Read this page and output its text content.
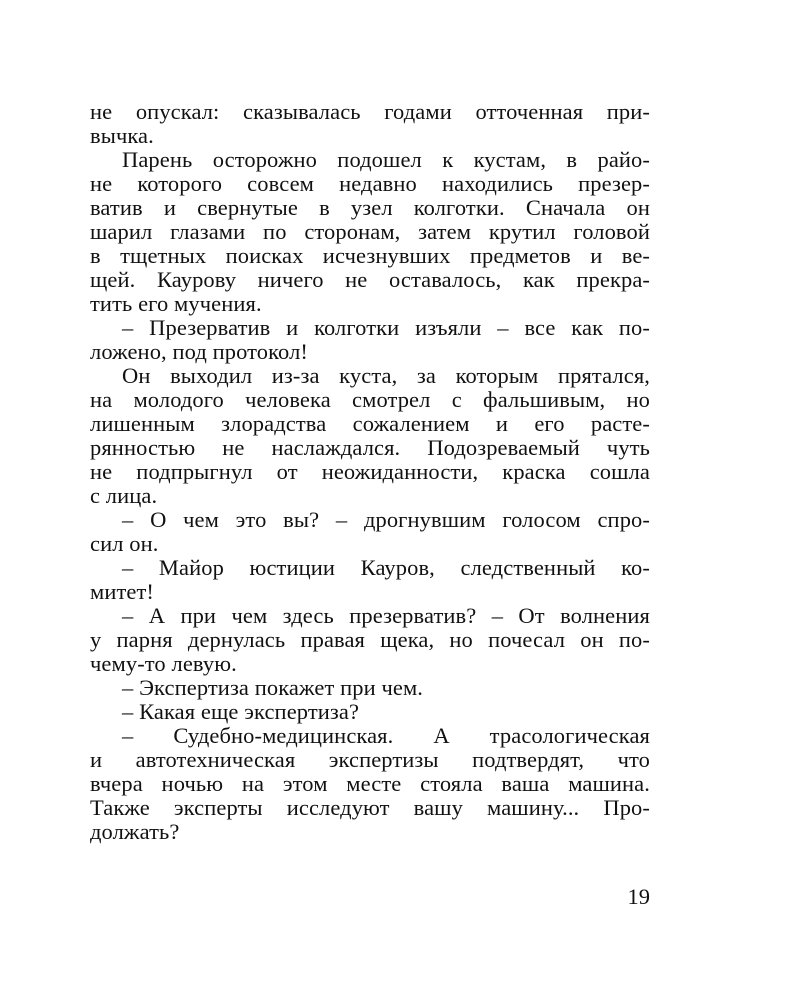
не опускал: сказывалась годами отточенная при-
вычка.
Парень осторожно подошел к кустам, в райо-
не которого совсем недавно находились презер-
ватив и свернутые в узел колготки. Сначала он
шарил глазами по сторонам, затем крутил головой
в тщетных поисках исчезнувших предметов и ве-
щей. Каурову ничего не оставалось, как прекра-
тить его мучения.
– Презерватив и колготки изъяли – все как по-
ложено, под протокол!
Он выходил из-за куста, за которым прятался,
на молодого человека смотрел с фальшивым, но
лишенным злорадства сожалением и его расте-
рянностью не наслаждался. Подозреваемый чуть
не подпрыгнул от неожиданности, краска сошла
с лица.
– О чем это вы? – дрогнувшим голосом спро-
сил он.
– Майор юстиции Кауров, следственный ко-
митет!
– А при чем здесь презерватив? – От волнения
у парня дернулась правая щека, но почесал он по-
чему-то левую.
– Экспертиза покажет при чем.
– Какая еще экспертиза?
– Судебно-медицинская. А трасологическая
и автотехническая экспертизы подтвердят, что
вчера ночью на этом месте стояла ваша машина.
Также эксперты исследуют вашу машину... Про-
должать?
19
